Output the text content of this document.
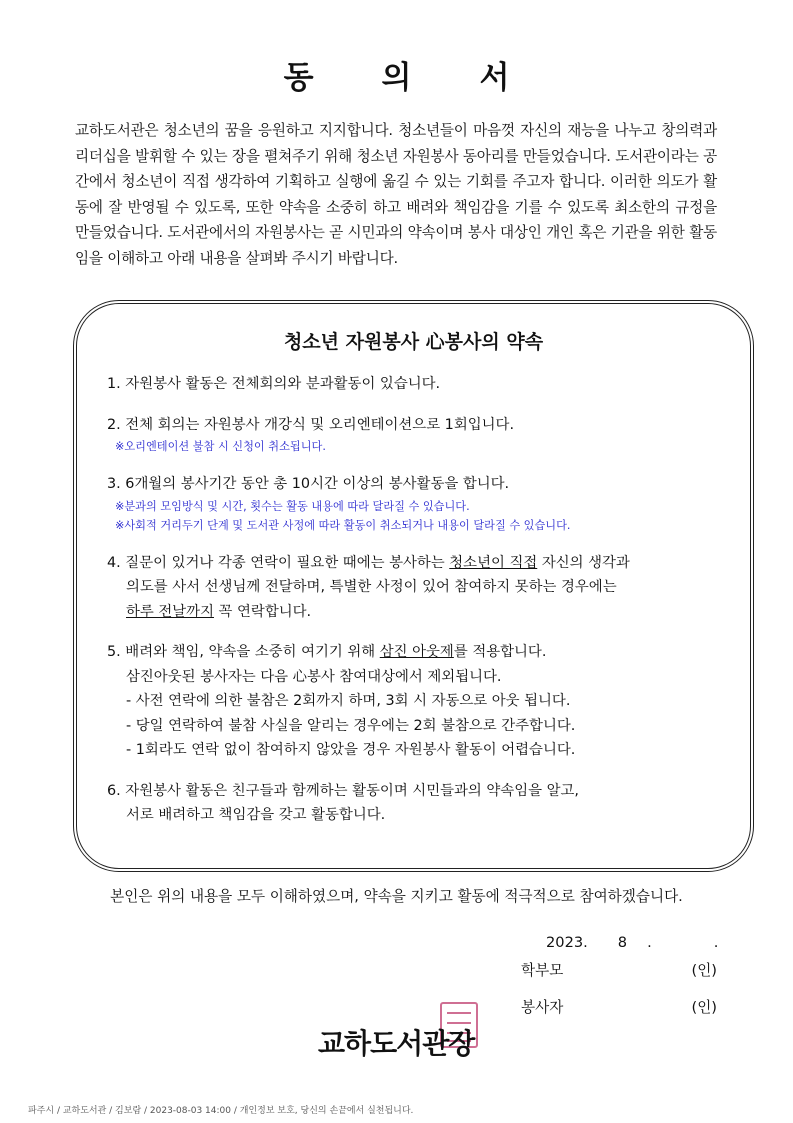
동 의 서

교하도서관은 청소년의 꿈을 응원하고 지지합니다. 청소년들이 마음껏 자신의 재능을 나누고 창의력과 리더십을 발휘할 수 있는 장을 펼쳐주기 위해 청소년 자원봉사 동아리를 만들었습니다. 도서관이라는 공간에서 청소년이 직접 생각하여 기획하고 실행에 옮길 수 있는 기회를 주고자 합니다. 이러한 의도가 활동에 잘 반영될 수 있도록, 또한 약속을 소중히 하고 배려와 책임감을 기를 수 있도록 최소한의 규정을 만들었습니다. 도서관에서의 자원봉사는 곧 시민과의 약속이며 봉사 대상인 개인 혹은 기관을 위한 활동임을 이해하고 아래 내용을 살펴봐 주시기 바랍니다.

청소년 자원봉사 心봉사의 약속
1. 자원봉사 활동은 전체회의와 분과활동이 있습니다.
2. 전체 회의는 자원봉사 개강식 및 오리엔테이션으로 1회입니다.
※오리엔테이션 불참 시 신청이 취소됩니다.
3. 6개월의 봉사기간 동안 총 10시간 이상의 봉사활동을 합니다.
※분과의 모임방식 및 시간, 횟수는 활동 내용에 따라 달라질 수 있습니다.
※사회적 거리두기 단계 및 도서관 사정에 따라 활동이 취소되거나 내용이 달라질 수 있습니다.
4. 질문이 있거나 각종 연락이 필요한 때에는 봉사하는 청소년이 직접 자신의 생각과
의도를 사서 선생님께 전달하며, 특별한 사정이 있어 참여하지 못하는 경우에는
하루 전날까지 꼭 연락합니다.
5. 배려와 책임, 약속을 소중히 여기기 위해 삼진 아웃제를 적용합니다.
삼진아웃된 봉사자는 다음 心봉사 참여대상에서 제외됩니다.
- 사전 연락에 의한 불참은 2회까지 하며, 3회 시 자동으로 아웃 됩니다.
- 당일 연락하여 불참 사실을 알리는 경우에는 2회 불참으로 간주합니다.
- 1회라도 연락 없이 참여하지 않았을 경우 자원봉사 활동이 어렵습니다.
6. 자원봉사 활동은 친구들과 함께하는 활동이며 시민들과의 약속임을 알고,
서로 배려하고 책임감을 갖고 활동합니다.

본인은 위의 내용을 모두 이해하였으며, 약속을 지키고 활동에 적극적으로 참여하겠습니다.

2023. 8 .	.
학부모	(인)
봉사자	(인)

교하도서관장

파주시 / 교하도서관 / 김보람 / 2023-08-03 14:00 / 개인정보 보호, 당신의 손끝에서 실천됩니다.
